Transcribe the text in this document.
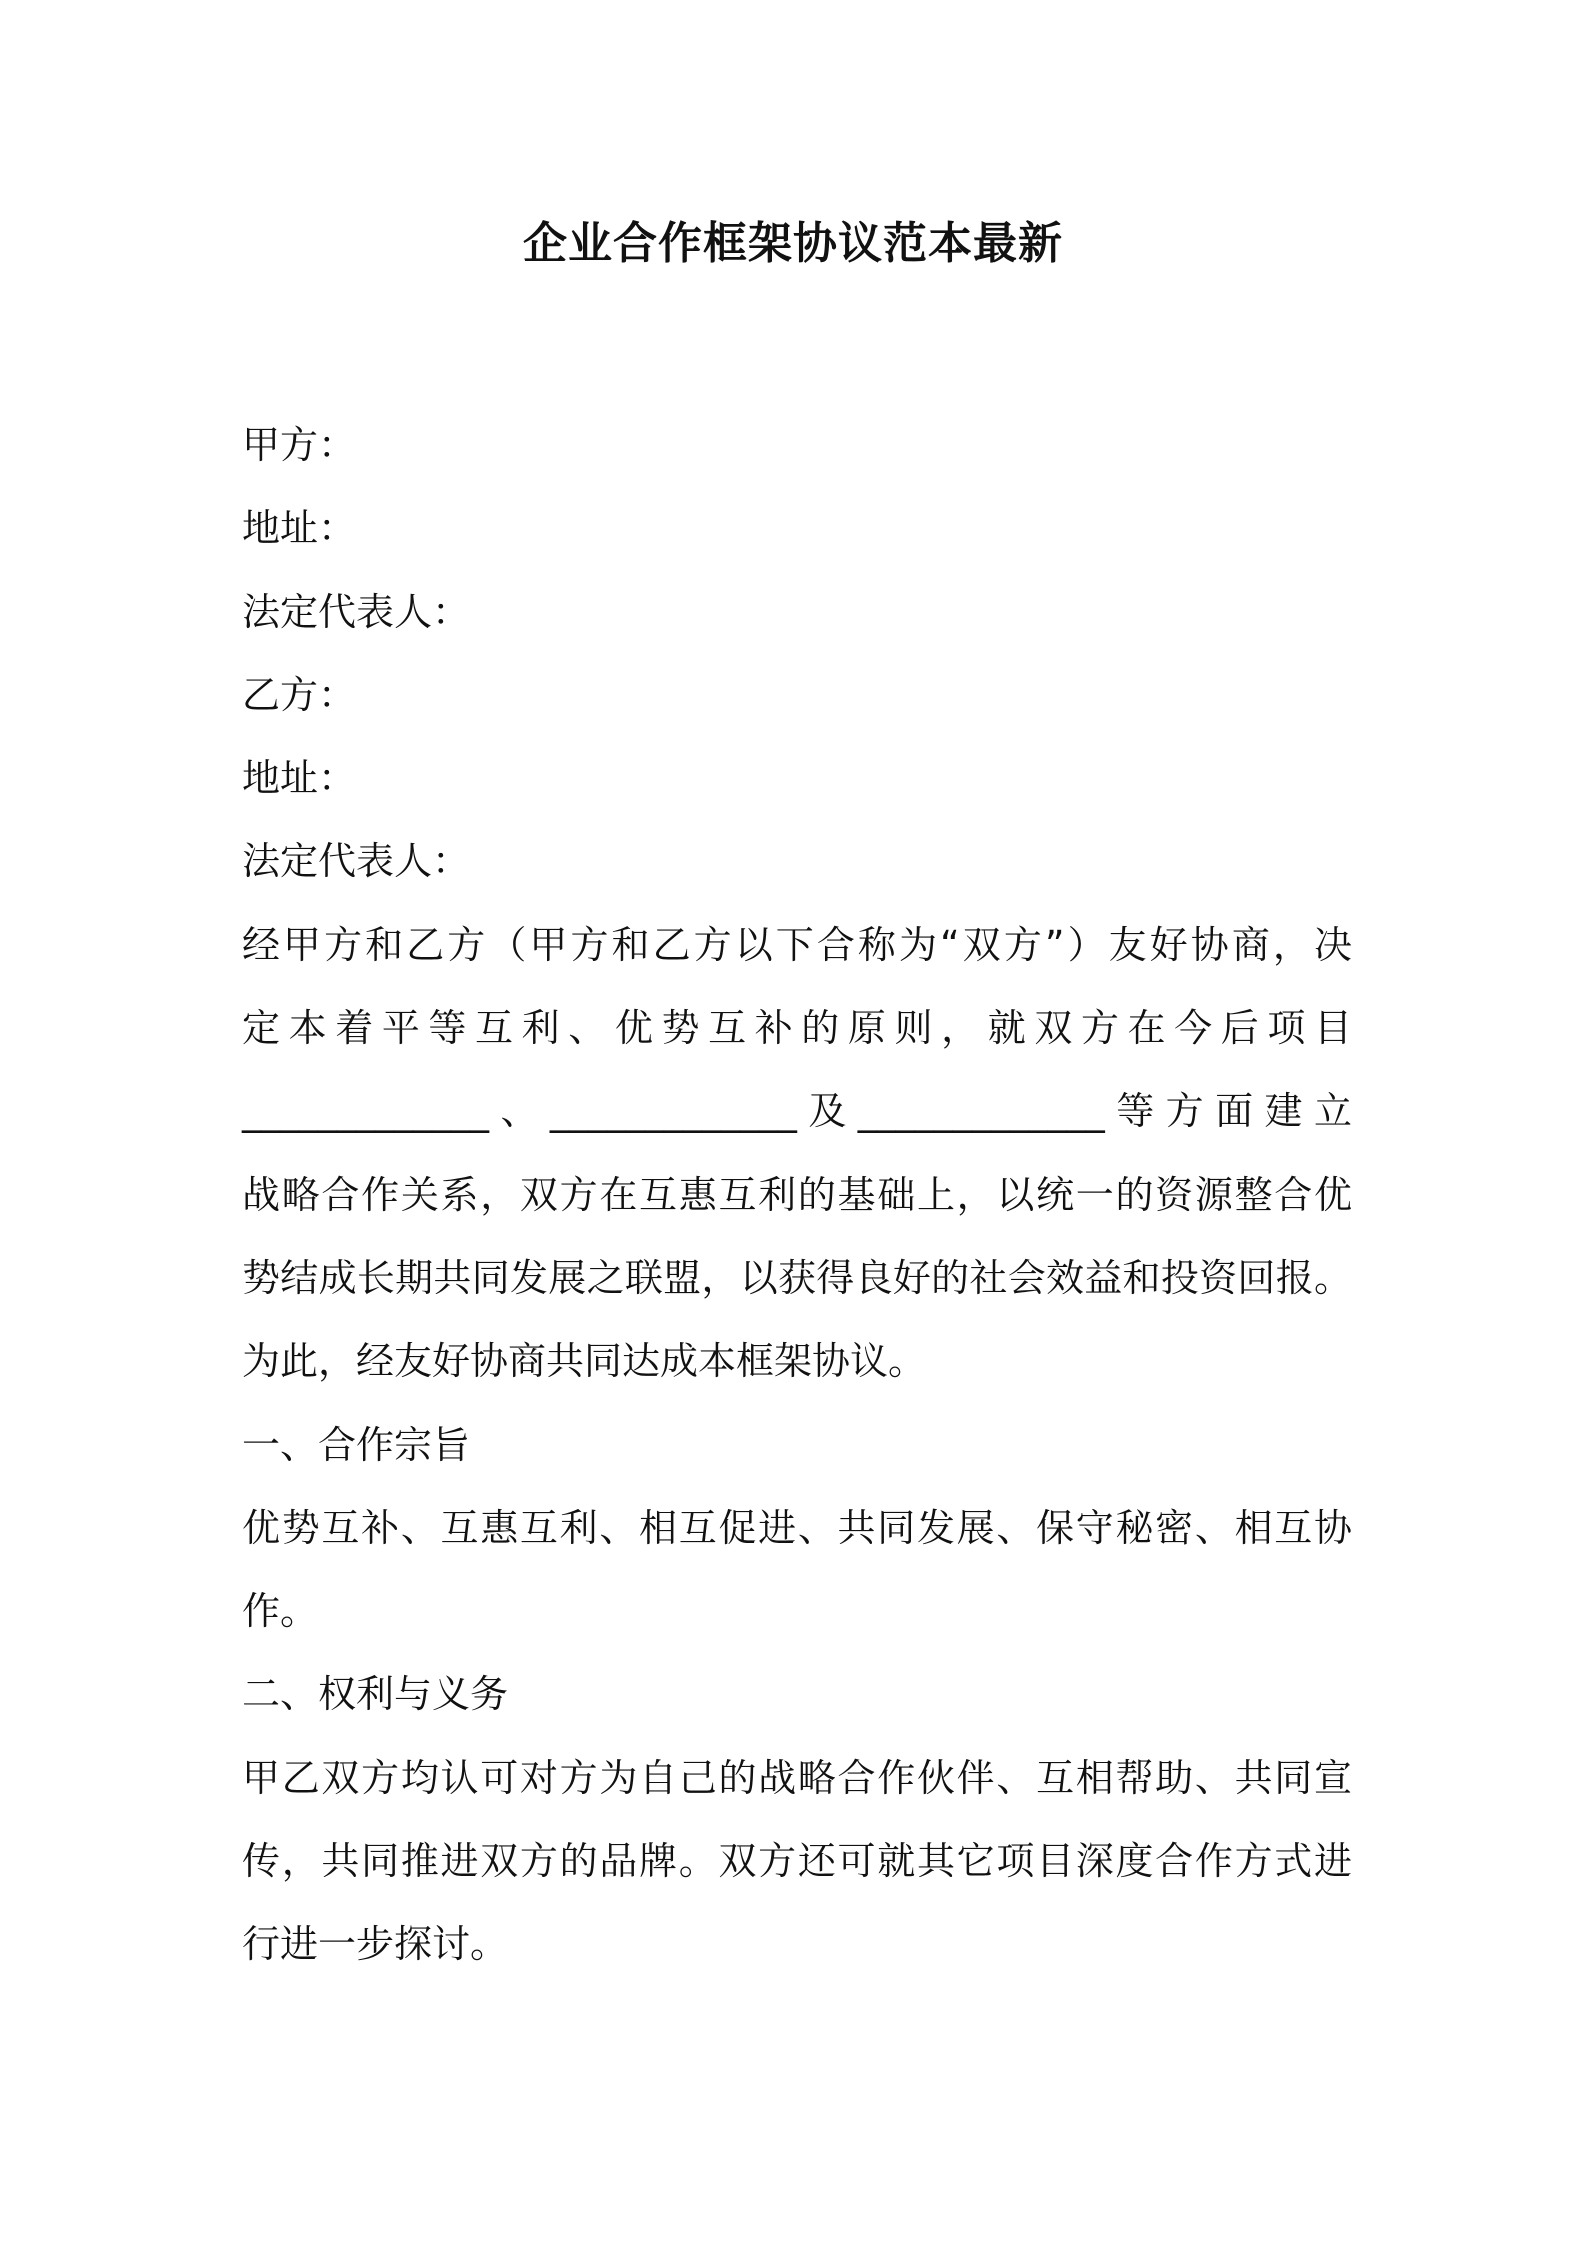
企业合作框架协议范本最新

甲方：

地址：

法定代表人：

乙方：

地址：

法定代表人：

经甲方和乙方（甲方和乙方以下合称为“双方”）友好协商，决

定本着平等互利、优势互补的原则，就双方在今后项目

_____________、_____________及_____________等方面建立

战略合作关系，双方在互惠互利的基础上，以统一的资源整合优

势结成长期共同发展之联盟，以获得良好的社会效益和投资回报。

为此，经友好协商共同达成本框架协议。

一、合作宗旨

优势互补、互惠互利、相互促进、共同发展、保守秘密、相互协

作。

二、权利与义务

甲乙双方均认可对方为自己的战略合作伙伴、互相帮助、共同宣

传，共同推进双方的品牌。双方还可就其它项目深度合作方式进

行进一步探讨。
